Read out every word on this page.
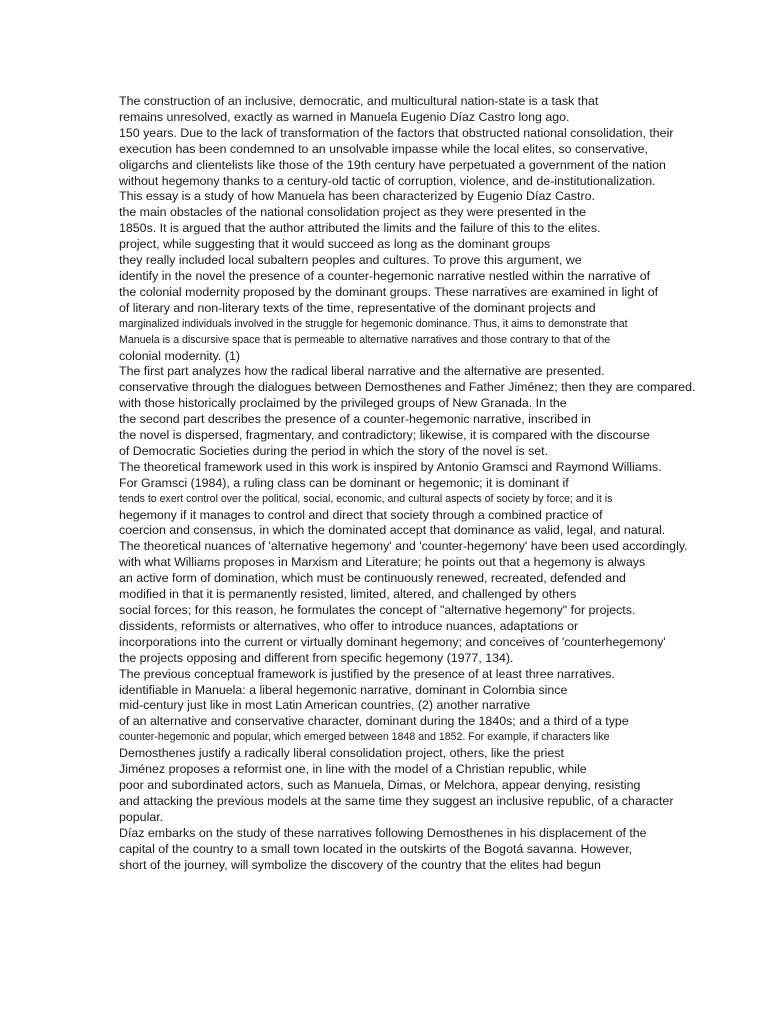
The construction of an inclusive, democratic, and multicultural nation-state is a task that
remains unresolved, exactly as warned in Manuela Eugenio Díaz Castro long ago.
150 years. Due to the lack of transformation of the factors that obstructed national consolidation, their
execution has been condemned to an unsolvable impasse while the local elites, so conservative,
oligarchs and clientelists like those of the 19th century have perpetuated a government of the nation
without hegemony thanks to a century-old tactic of corruption, violence, and de-institutionalization.
This essay is a study of how Manuela has been characterized by Eugenio Díaz Castro.
the main obstacles of the national consolidation project as they were presented in the
1850s. It is argued that the author attributed the limits and the failure of this to the elites.
project, while suggesting that it would succeed as long as the dominant groups
they really included local subaltern peoples and cultures. To prove this argument, we
identify in the novel the presence of a counter-hegemonic narrative nestled within the narrative of
the colonial modernity proposed by the dominant groups. These narratives are examined in light of
of literary and non-literary texts of the time, representative of the dominant projects and
marginalized individuals involved in the struggle for hegemonic dominance. Thus, it aims to demonstrate that
Manuela is a discursive space that is permeable to alternative narratives and those contrary to that of the
colonial modernity. (1)
The first part analyzes how the radical liberal narrative and the alternative are presented.
conservative through the dialogues between Demosthenes and Father Jiménez; then they are compared.
with those historically proclaimed by the privileged groups of New Granada. In the
the second part describes the presence of a counter-hegemonic narrative, inscribed in
the novel is dispersed, fragmentary, and contradictory; likewise, it is compared with the discourse
of Democratic Societies during the period in which the story of the novel is set.
The theoretical framework used in this work is inspired by Antonio Gramsci and Raymond Williams.
For Gramsci (1984), a ruling class can be dominant or hegemonic; it is dominant if
tends to exert control over the political, social, economic, and cultural aspects of society by force; and it is
hegemony if it manages to control and direct that society through a combined practice of
coercion and consensus, in which the dominated accept that dominance as valid, legal, and natural.
The theoretical nuances of 'alternative hegemony' and 'counter-hegemony' have been used accordingly.
with what Williams proposes in Marxism and Literature; he points out that a hegemony is always
an active form of domination, which must be continuously renewed, recreated, defended and
modified in that it is permanently resisted, limited, altered, and challenged by others
social forces; for this reason, he formulates the concept of "alternative hegemony" for projects.
dissidents, reformists or alternatives, who offer to introduce nuances, adaptations or
incorporations into the current or virtually dominant hegemony; and conceives of 'counterhegemony'
the projects opposing and different from specific hegemony (1977, 134).
The previous conceptual framework is justified by the presence of at least three narratives.
identifiable in Manuela: a liberal hegemonic narrative, dominant in Colombia since
mid-century just like in most Latin American countries, (2) another narrative
of an alternative and conservative character, dominant during the 1840s; and a third of a type
counter-hegemonic and popular, which emerged between 1848 and 1852. For example, if characters like
Demosthenes justify a radically liberal consolidation project, others, like the priest
Jiménez proposes a reformist one, in line with the model of a Christian republic, while
poor and subordinated actors, such as Manuela, Dimas, or Melchora, appear denying, resisting
and attacking the previous models at the same time they suggest an inclusive republic, of a character
popular.
Díaz embarks on the study of these narratives following Demosthenes in his displacement of the
capital of the country to a small town located in the outskirts of the Bogotá savanna. However,
short of the journey, will symbolize the discovery of the country that the elites had begun
